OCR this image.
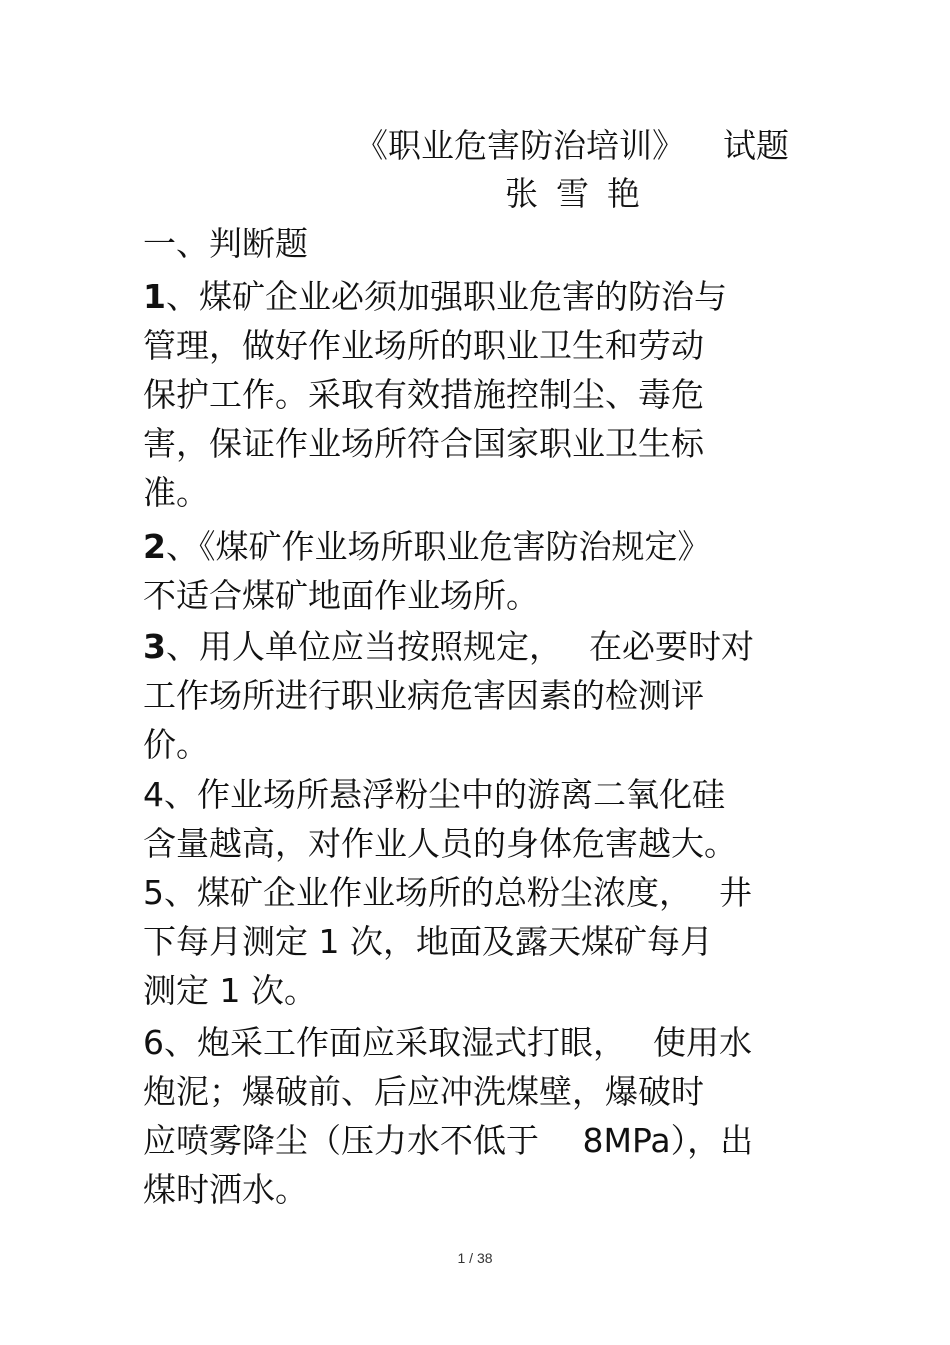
《职业危害防治培训》 试题
张雪艳
一、判断题
1、煤矿企业必须加强职业危害的防治与
管理，做好作业场所的职业卫生和劳动
保护工作。采取有效措施控制尘、毒危
害，保证作业场所符合国家职业卫生标
准。
2、《煤矿作业场所职业危害防治规定》
不适合煤矿地面作业场所。
3、用人单位应当按照规定，　 在必要时对
工作场所进行职业病危害因素的检测评
价。
4、作业场所悬浮粉尘中的游离二氧化硅
含量越高，对作业人员的身体危害越大。
5、煤矿企业作业场所的总粉尘浓度，　 井
下每月测定 1 次，地面及露天煤矿每月
测定 1 次。
6、炮采工作面应采取湿式打眼，　 使用水
炮泥；爆破前、后应冲洗煤壁，爆破时
应喷雾降尘（压力水不低于　 8MPa），出
煤时洒水。
1 / 38
